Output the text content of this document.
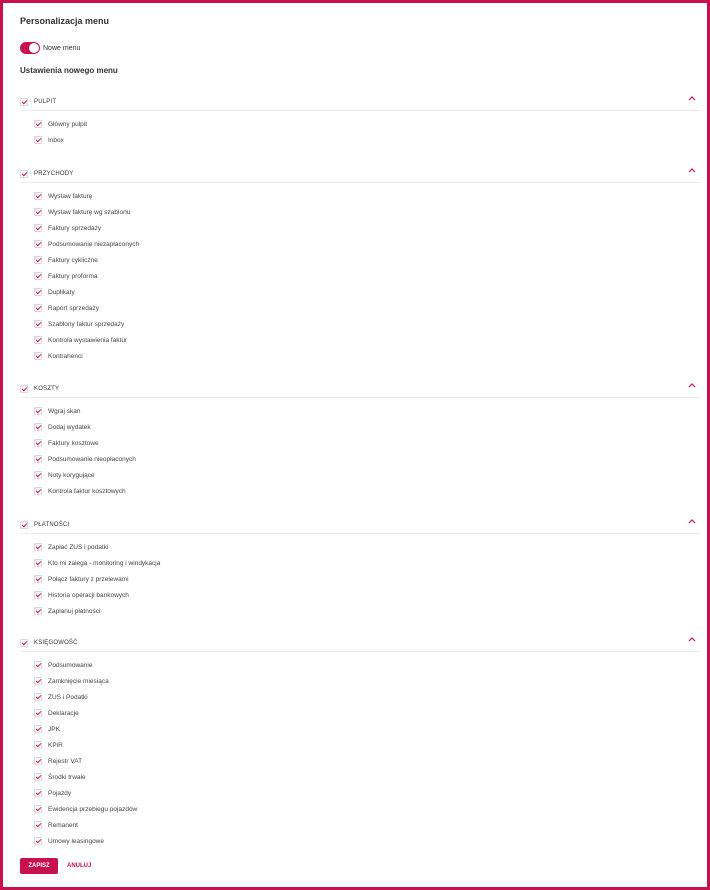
Personalizacja menu
Nowe menu
Ustawienia nowego menu
PULPIT
Główny pulpit
Inbox
PRZYCHODY
Wystaw fakturę
Wystaw fakturę wg szablonu
Faktury sprzedaży
Podsumowanie niezapłaconych
Faktury cykliczne
Faktury proforma
Duplikaty
Raport sprzedaży
Szablony faktur sprzedaży
Kontrola wystawienia faktur
Kontrahenci
KOSZTY
Wgraj skan
Dodaj wydatek
Faktury kosztowe
Podsumowanie nieopłaconych
Noty korygujące
Kontrola faktur kosztowych
PŁATNOŚCI
Zapłać ZUS i podatki
Kto mi zalega - monitoring i windykacja
Połącz faktury z przelewami
Historia operacji bankowych
Zaplanuj płatności
KSIĘGOWOŚĆ
Podsumowanie
Zamknięcie miesiąca
ZUS i Podatki
Deklaracje
JPK
KPiR
Rejestr VAT
Środki trwałe
Pojazdy
Ewidencja przebiegu pojazdów
Remanent
Umowy leasingowe
ZAPISZ	ANULUJ
